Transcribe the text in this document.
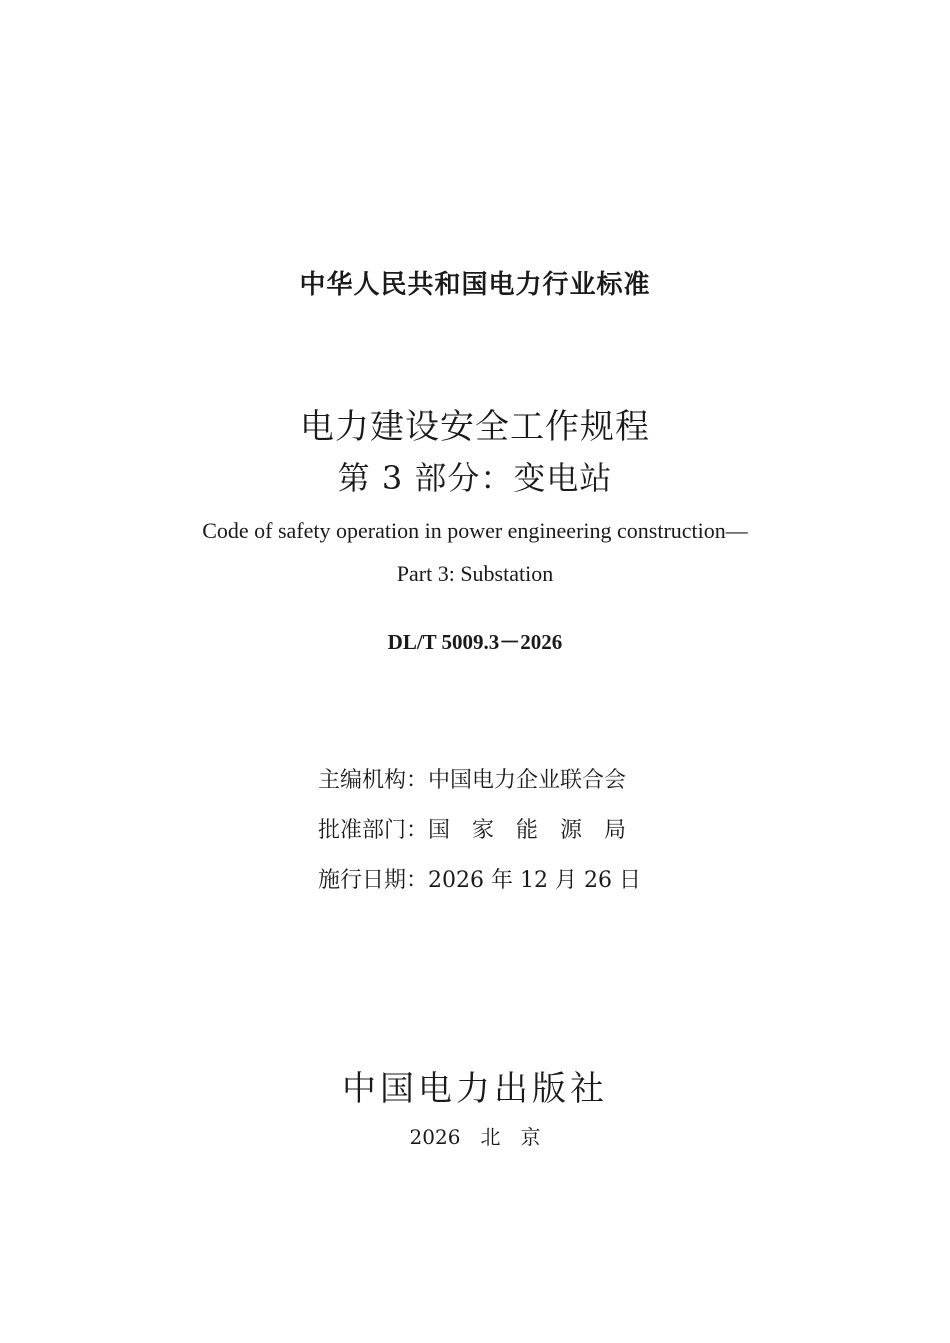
中华人民共和国电力行业标准
电力建设安全工作规程
第 3 部分：变电站
Code of safety operation in power engineering construction—
Part 3: Substation
DL/T 5009.3－2026
主编机构：中国电力企业联合会
批准部门：国　家　能　源　局
施行日期：2026 年 12 月 26 日
中国电力出版社
2026　北　京
